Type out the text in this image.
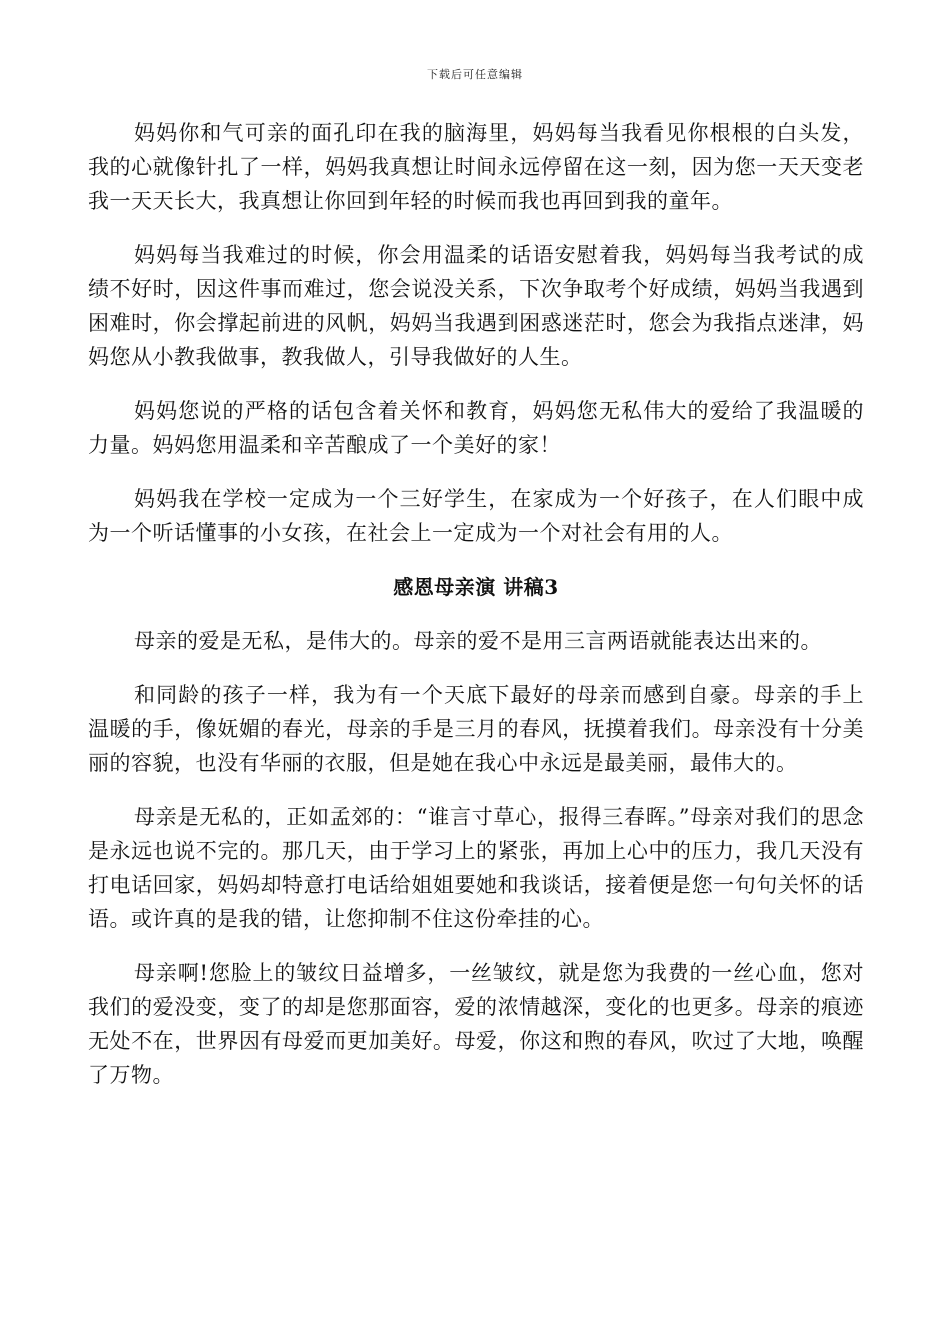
下载后可任意编辑

妈妈你和气可亲的面孔印在我的脑海里，妈妈每当我看见你根根的白头发，我的心就像针扎了一样，妈妈我真想让时间永远停留在这一刻，因为您一天天变老我一天天长大，我真想让你回到年轻的时候而我也再回到我的童年。

妈妈每当我难过的时候，你会用温柔的话语安慰着我，妈妈每当我考试的成绩不好时，因这件事而难过，您会说没关系，下次争取考个好成绩，妈妈当我遇到困难时，你会撑起前进的风帆，妈妈当我遇到困惑迷茫时，您会为我指点迷津，妈妈您从小教我做事，教我做人，引导我做好的人生。

妈妈您说的严格的话包含着关怀和教育，妈妈您无私伟大的爱给了我温暖的力量。妈妈您用温柔和辛苦酿成了一个美好的家！

妈妈我在学校一定成为一个三好学生，在家成为一个好孩子，在人们眼中成为一个听话懂事的小女孩，在社会上一定成为一个对社会有用的人。

感恩母亲演 讲稿3

母亲的爱是无私，是伟大的。母亲的爱不是用三言两语就能表达出来的。

和同龄的孩子一样，我为有一个天底下最好的母亲而感到自豪。母亲的手上温暖的手，像妩媚的春光，母亲的手是三月的春风，抚摸着我们。母亲没有十分美丽的容貌，也没有华丽的衣服，但是她在我心中永远是最美丽，最伟大的。

母亲是无私的，正如孟郊的：“谁言寸草心，报得三春晖。”母亲对我们的思念是永远也说不完的。那几天，由于学习上的紧张，再加上心中的压力，我几天没有打电话回家，妈妈却特意打电话给姐姐要她和我谈话，接着便是您一句句关怀的话语。或许真的是我的错，让您抑制不住这份牵挂的心。

母亲啊!您脸上的皱纹日益增多，一丝皱纹，就是您为我费的一丝心血，您对我们的爱没变，变了的却是您那面容，爱的浓情越深，变化的也更多。母亲的痕迹无处不在，世界因有母爱而更加美好。母爱，你这和煦的春风，吹过了大地，唤醒了万物。
